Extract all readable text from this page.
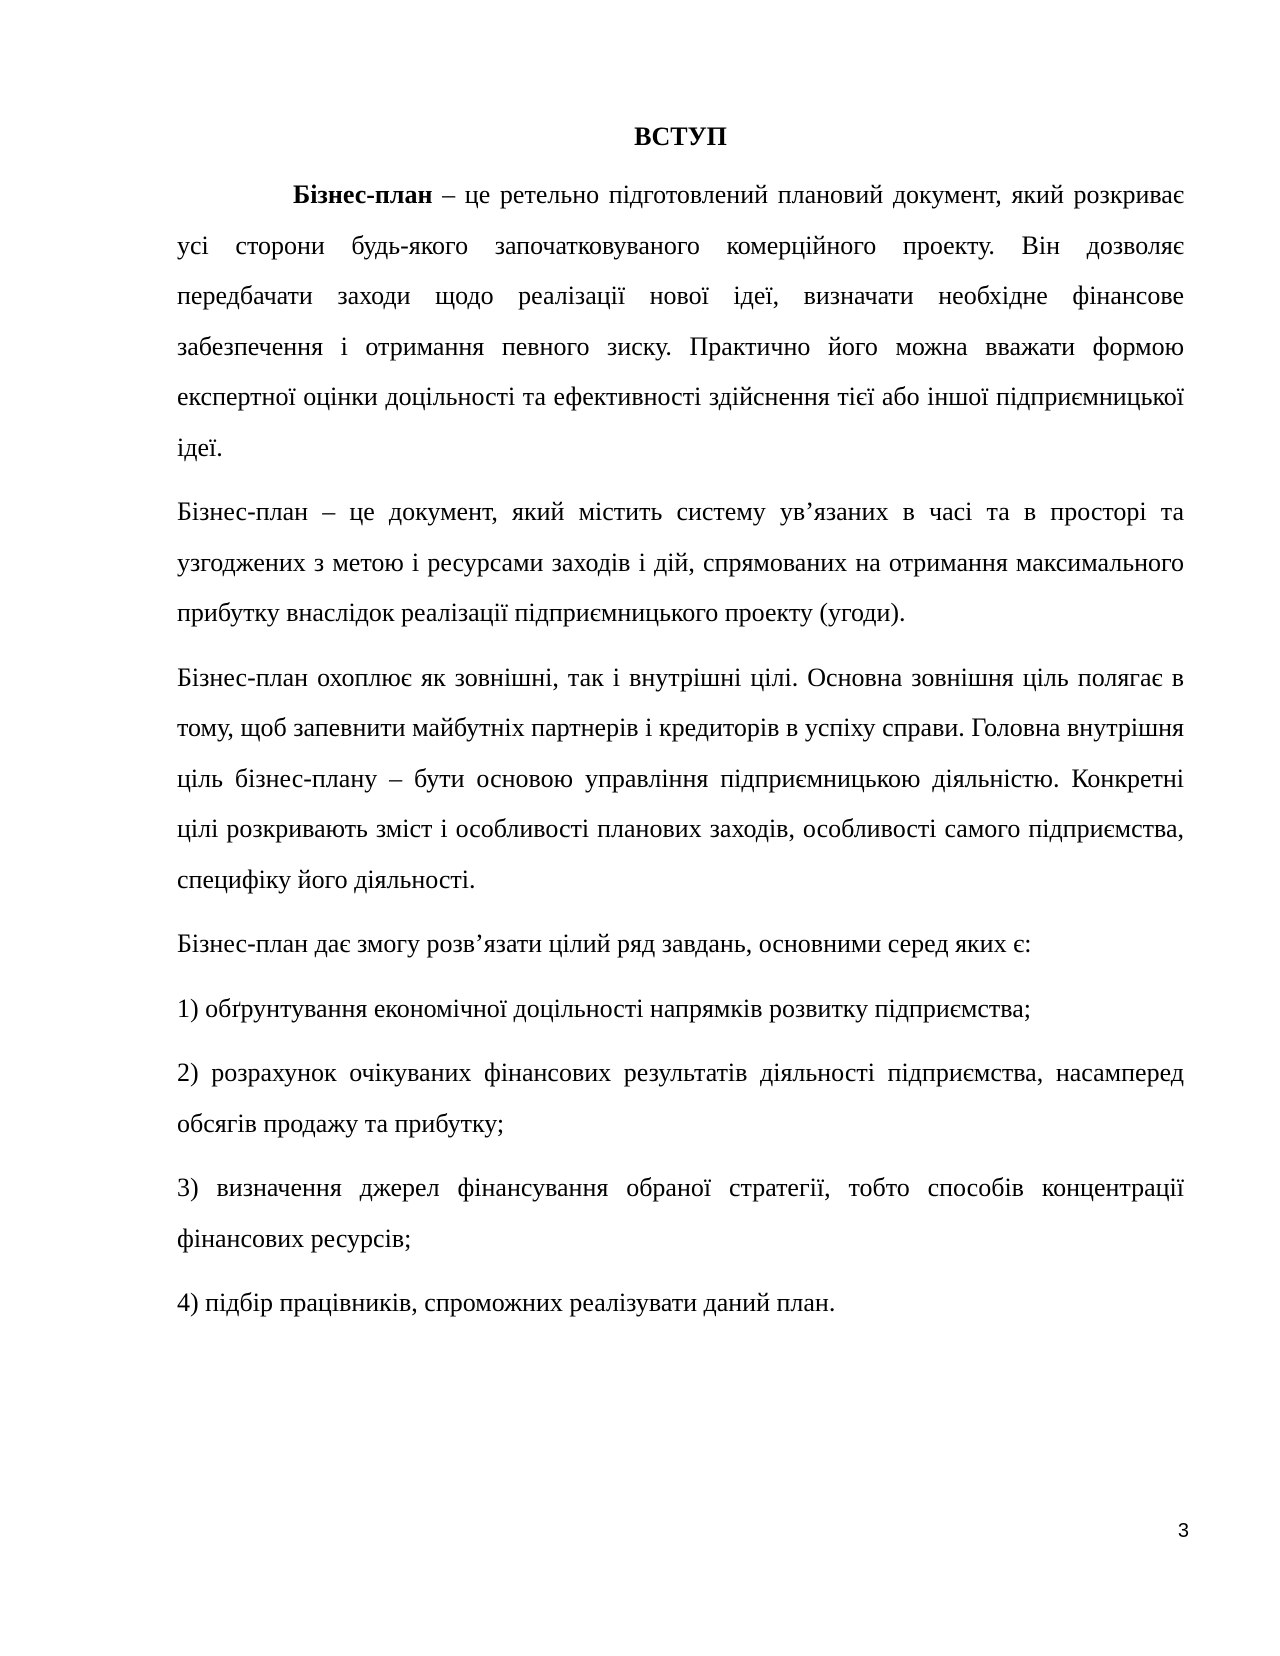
ВСТУП

Бізнес-план – це ретельно підготовлений плановий документ, який розкриває усі сторони будь-якого започатковуваного комерційного проекту. Він дозволяє передбачати заходи щодо реалізації нової ідеї, визначати необхідне фінансове забезпечення і отримання певного зиску. Практично його можна вважати формою експертної оцінки доцільності та ефективності здійснення тієї або іншої підприємницької ідеї.

Бізнес-план – це документ, який містить систему ув’язаних в часі та в просторі та узгоджених з метою і ресурсами заходів і дій, спрямованих на отримання максимального прибутку внаслідок реалізації підприємницького проекту (угоди).

Бізнес-план охоплює як зовнішні, так і внутрішні цілі. Основна зовнішня ціль полягає в тому, щоб запевнити майбутніх партнерів і кредиторів в успіху справи. Головна внутрішня ціль бізнес-плану – бути основою управління підприємницькою діяльністю. Конкретні цілі розкривають зміст і особливості планових заходів, особливості самого підприємства, специфіку його діяльності.

Бізнес-план дає змогу розв’язати цілий ряд завдань, основними серед яких є:

1) обґрунтування економічної доцільності напрямків розвитку підприємства;

2) розрахунок очікуваних фінансових результатів діяльності підприємства, насамперед обсягів продажу та прибутку;

3) визначення джерел фінансування обраної стратегії, тобто способів концентрації фінансових ресурсів;

4) підбір працівників, спроможних реалізувати даний план.

3
